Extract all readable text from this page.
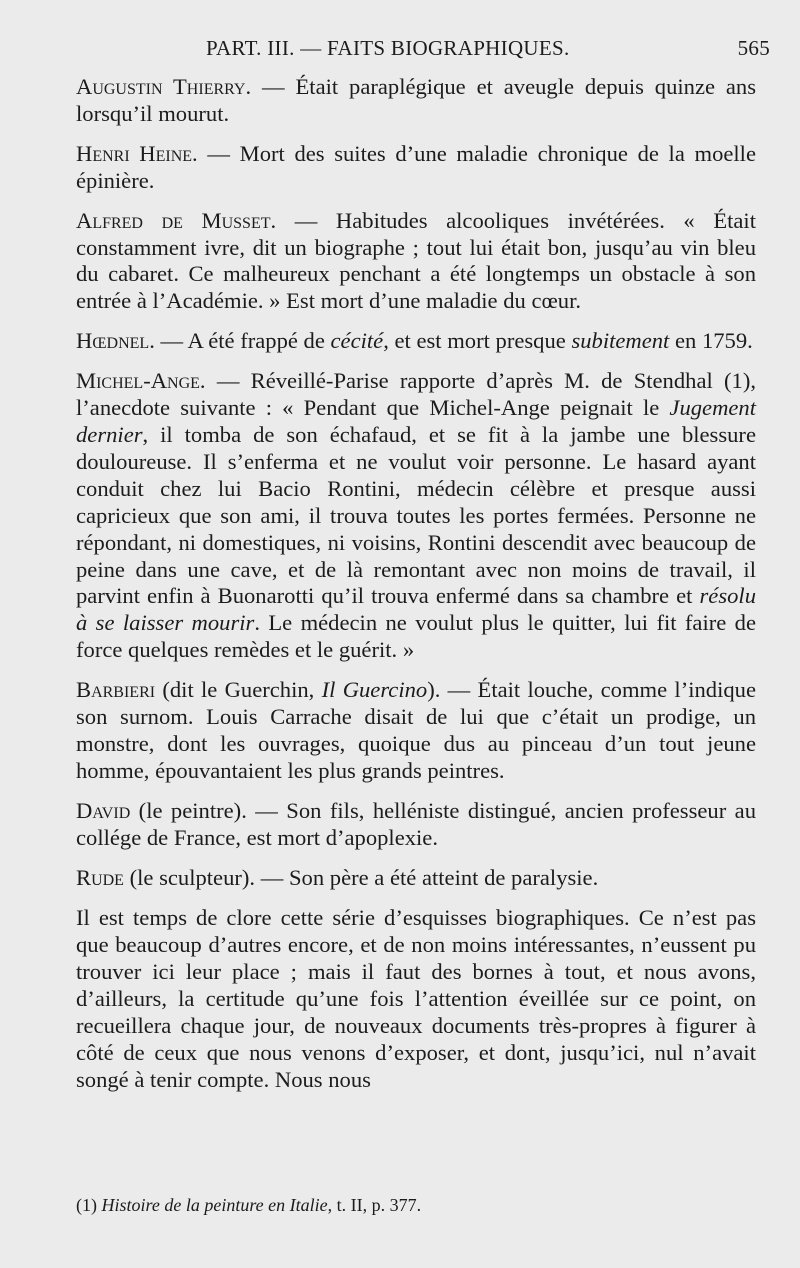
PART. III. — FAITS BIOGRAPHIQUES.	565

Augustin Thierry. — Était paraplégique et aveugle depuis quinze ans lorsqu’il mourut.

Henri Heine. — Mort des suites d’une maladie chronique de la moelle épinière.

Alfred de Musset. — Habitudes alcooliques invétérées. « Était constamment ivre, dit un biographe ; tout lui était bon, jusqu’au vin bleu du cabaret. Ce malheureux penchant a été longtemps un obstacle à son entrée à l’Académie. » Est mort d’une maladie du cœur.

Hœdnel. — A été frappé de cécité, et est mort presque subitement en 1759.

Michel-Ange. — Réveillé-Parise rapporte d’après M. de Stendhal (1), l’anecdote suivante : « Pendant que Michel-Ange peignait le Jugement dernier, il tomba de son échafaud, et se fit à la jambe une blessure douloureuse. Il s’enferma et ne voulut voir personne. Le hasard ayant conduit chez lui Bacio Rontini, médecin célèbre et presque aussi capricieux que son ami, il trouva toutes les portes fermées. Personne ne répondant, ni domestiques, ni voisins, Rontini descendit avec beaucoup de peine dans une cave, et de là remontant avec non moins de travail, il parvint enfin à Buonarotti qu’il trouva enfermé dans sa chambre et résolu à se laisser mourir. Le médecin ne voulut plus le quitter, lui fit faire de force quelques remèdes et le guérit. »

Barbieri (dit le Guerchin, Il Guercino). — Était louche, comme l’indique son surnom. Louis Carrache disait de lui que c’était un prodige, un monstre, dont les ouvrages, quoique dus au pinceau d’un tout jeune homme, épouvantaient les plus grands peintres.

David (le peintre). — Son fils, helléniste distingué, ancien professeur au collége de France, est mort d’apoplexie.

Rude (le sculpteur). — Son père a été atteint de paralysie.

Il est temps de clore cette série d’esquisses biographiques. Ce n’est pas que beaucoup d’autres encore, et de non moins intéressantes, n’eussent pu trouver ici leur place ; mais il faut des bornes à tout, et nous avons, d’ailleurs, la certitude qu’une fois l’attention éveillée sur ce point, on recueillera chaque jour, de nouveaux documents très-propres à figurer à côté de ceux que nous venons d’exposer, et dont, jusqu’ici, nul n’avait songé à tenir compte. Nous nous

(1) Histoire de la peinture en Italie, t. II, p. 377.
